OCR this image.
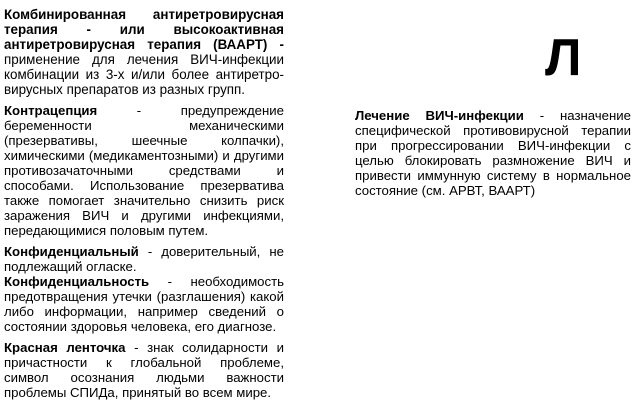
Комбинированная антиретровирусная терапия - или высокоактивная антиретровирусная терапия (ВААРТ) - применение для лечения ВИЧ-инфекции комбинации из 3-х и/или более антиретро- вирусных препаратов из разных групп.

Контрацепция - предупреждение беременности механическими (презервативы, шеечные колпачки), химическими (медикаментозными) и другими противозачаточными средствами и способами. Использование презерватива также помогает значительно снизить риск заражения ВИЧ и другими инфекциями, передающимися половым путем.

Конфиденциальный - доверительный, не подлежащий огласке.

Конфиденциальность - необходимость предотвращения утечки (разглашения) какой либо информации, например сведений о состоянии здоровья человека, его диагнозе.

Красная ленточка - знак солидарности и причастности к глобальной проблеме, символ осознания людьми важности проблемы СПИДа, принятый во всем мире.

Л

Лечение ВИЧ-инфекции - назначение специфической противовирусной терапии при прогрессировании ВИЧ-инфекции с целью блокировать размножение ВИЧ и привести иммунную систему в нормальное состояние (см. АРВТ, ВААРТ)
